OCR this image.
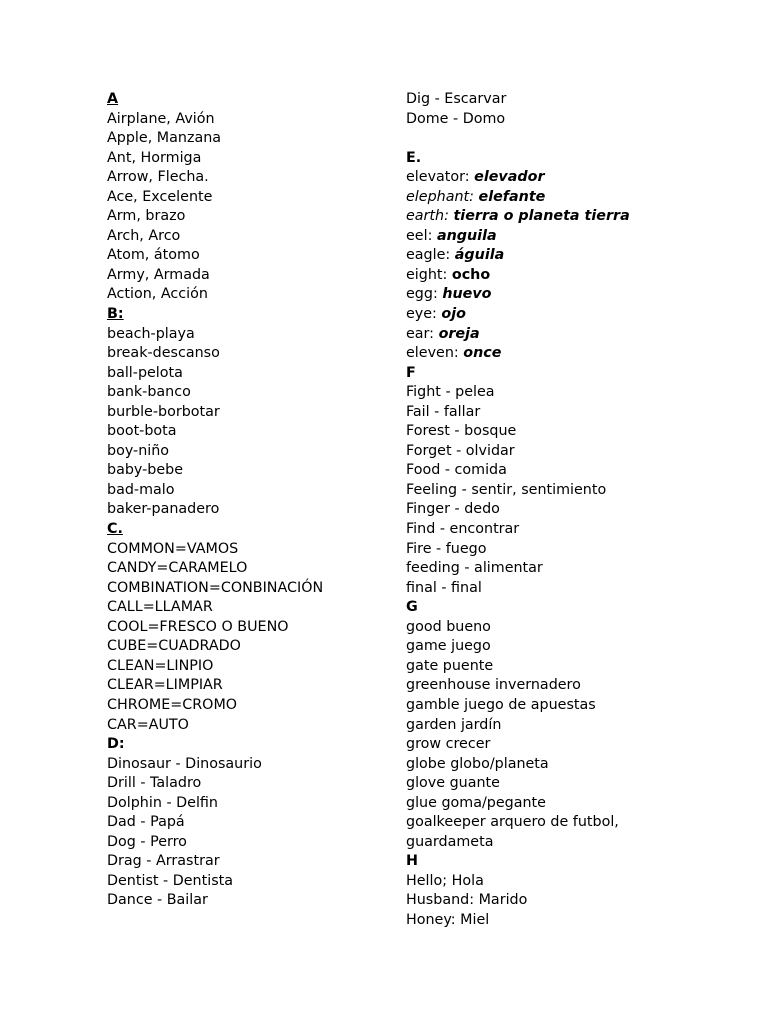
A
Airplane, Avión
Apple, Manzana
Ant, Hormiga
Arrow, Flecha.
Ace, Excelente
Arm, brazo
Arch, Arco
Atom, átomo
Army, Armada
Action, Acción
B:
beach-playa
break-descanso
ball-pelota
bank-banco
burble-borbotar
boot-bota
boy-niño
baby-bebe
bad-malo
baker-panadero
C.
COMMON=VAMOS
CANDY=CARAMELO
COMBINATION=CONBINACIÓN
CALL=LLAMAR
COOL=FRESCO O BUENO
CUBE=CUADRADO
CLEAN=LINPIO
CLEAR=LIMPIAR
CHROME=CROMO
CAR=AUTO
D:
Dinosaur - Dinosaurio
Drill - Taladro
Dolphin - Delfin
Dad - Papá
Dog - Perro
Drag - Arrastrar
Dentist - Dentista
Dance - Bailar
Dig - Escarvar
Dome - Domo
E.
elevator: elevador
elephant: elefante
earth: tierra o planeta tierra
eel: anguila
eagle: águila
eight: ocho
egg: huevo
eye: ojo
ear: oreja
eleven: once
F
Fight - pelea
Fail - fallar
Forest - bosque
Forget - olvidar
Food - comida
Feeling - sentir, sentimiento
Finger - dedo
Find - encontrar
Fire - fuego
feeding - alimentar
final - final
G
good bueno
game juego
gate puente
greenhouse invernadero
gamble juego de apuestas
garden jardín
grow crecer
globe globo/planeta
glove guante
glue goma/pegante
goalkeeper arquero de futbol,
guardameta
H
Hello; Hola
Husband: Marido
Honey: Miel
